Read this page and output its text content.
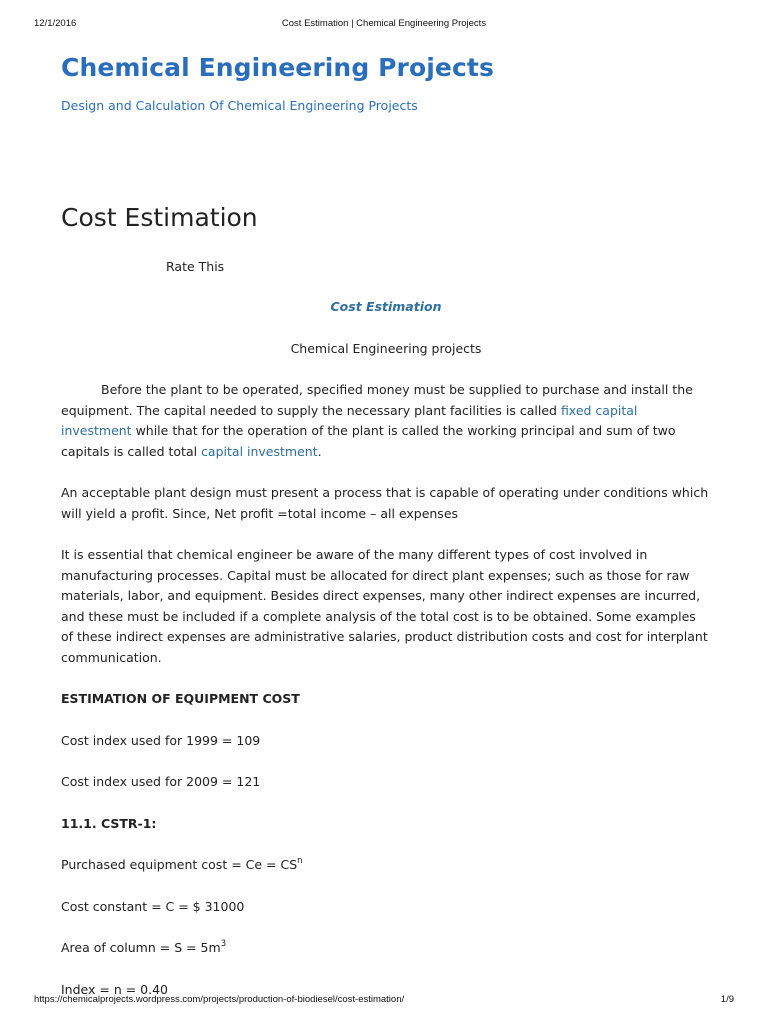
12/1/2016	Cost Estimation | Chemical Engineering Projects
Chemical Engineering Projects
Design and Calculation Of Chemical Engineering Projects
Cost Estimation
Rate This

Cost Estimation

Chemical Engineering projects

Before the plant to be operated, specified money must be supplied to purchase and install the equipment. The capital needed to supply the necessary plant facilities is called fixed capital investment while that for the operation of the plant is called the working principal and sum of two capitals is called total capital investment.

An acceptable plant design must present a process that is capable of operating under conditions which will yield a profit. Since, Net profit =total income – all expenses

It is essential that chemical engineer be aware of the many different types of cost involved in manufacturing processes. Capital must be allocated for direct plant expenses; such as those for raw materials, labor, and equipment. Besides direct expenses, many other indirect expenses are incurred, and these must be included if a complete analysis of the total cost is to be obtained. Some examples of these indirect expenses are administrative salaries, product distribution costs and cost for interplant communication.

ESTIMATION OF EQUIPMENT COST

Cost index used for 1999 = 109

Cost index used for 2009 = 121

11.1. CSTR-1:

Purchased equipment $\cos t = Ce = CS^n$

Cost constant = C = $ 31000

Area of column = $S = 5m^3$

Index = n = 0.40

https://chemicalprojects.wordpress.com/projects/production-of-biodiesel/cost-estimation/	1/9
